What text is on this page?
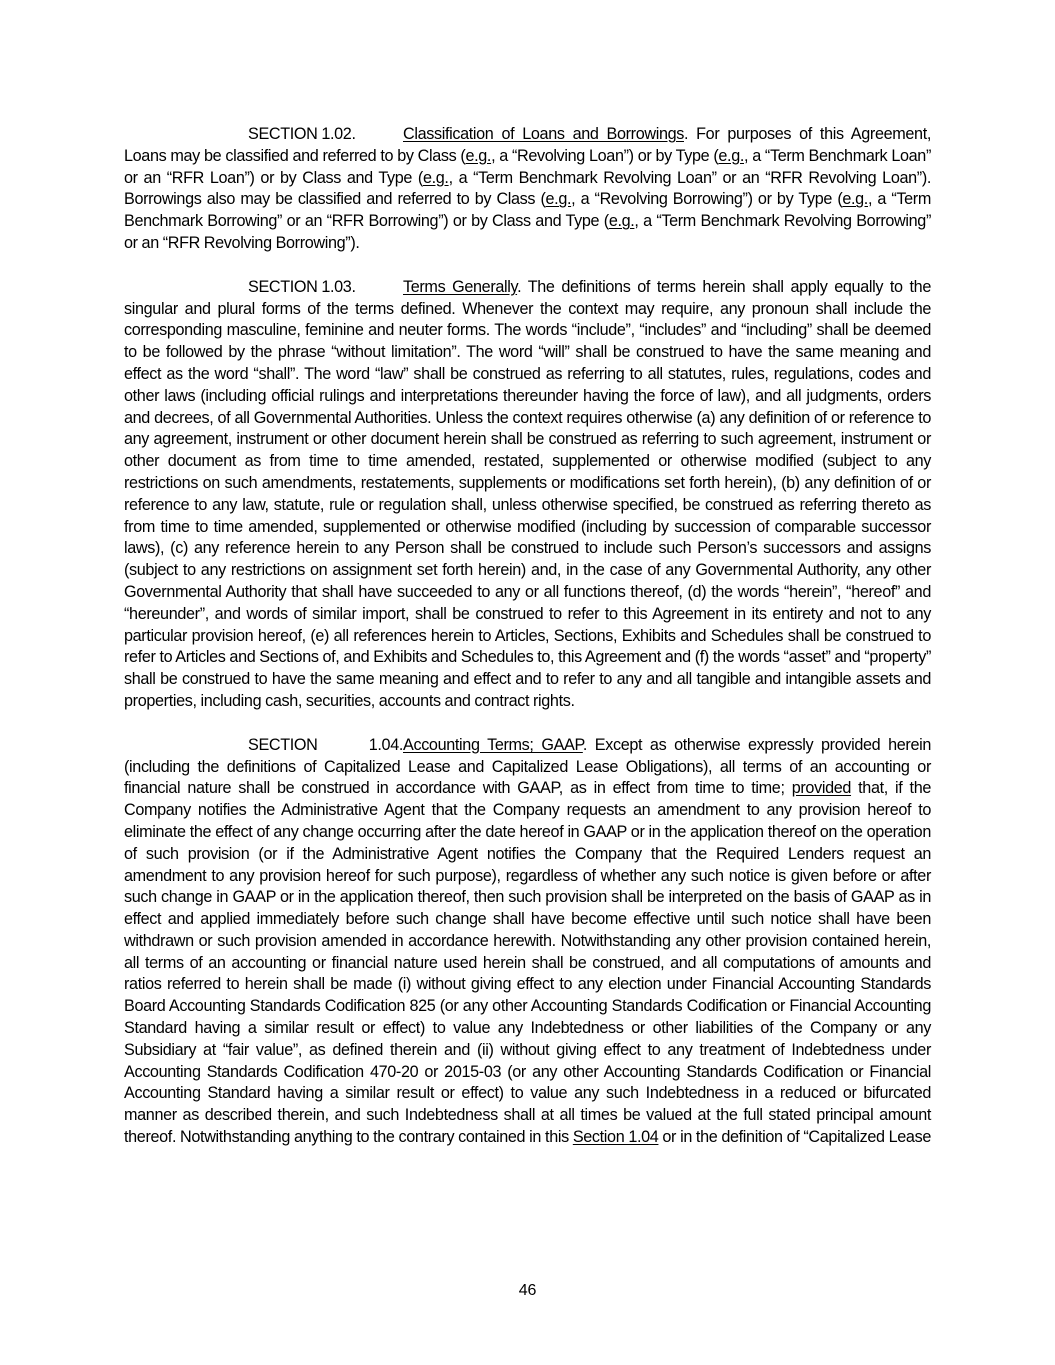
SECTION 1.02.	Classification of Loans and Borrowings. For purposes of this Agreement, Loans may be classified and referred to by Class (e.g., a “Revolving Loan”) or by Type (e.g., a “Term Benchmark Loan” or an “RFR Loan”) or by Class and Type (e.g., a “Term Benchmark Revolving Loan” or an “RFR Revolving Loan”). Borrowings also may be classified and referred to by Class (e.g., a “Revolving Borrowing”) or by Type (e.g., a “Term Benchmark Borrowing” or an “RFR Borrowing”) or by Class and Type (e.g., a “Term Benchmark Revolving Borrowing” or an “RFR Revolving Borrowing”).

SECTION 1.03.	Terms Generally. The definitions of terms herein shall apply equally to the singular and plural forms of the terms defined. Whenever the context may require, any pronoun shall include the corresponding masculine, feminine and neuter forms. The words “include”, “includes” and “including” shall be deemed to be followed by the phrase “without limitation”. The word “will” shall be construed to have the same meaning and effect as the word “shall”. The word “law” shall be construed as referring to all statutes, rules, regulations, codes and other laws (including official rulings and interpretations thereunder having the force of law), and all judgments, orders and decrees, of all Governmental Authorities. Unless the context requires otherwise (a) any definition of or reference to any agreement, instrument or other document herein shall be construed as referring to such agreement, instrument or other document as from time to time amended, restated, supplemented or otherwise modified (subject to any restrictions on such amendments, restatements, supplements or modifications set forth herein), (b) any definition of or reference to any law, statute, rule or regulation shall, unless otherwise specified, be construed as referring thereto as from time to time amended, supplemented or otherwise modified (including by succession of comparable successor laws), (c) any reference herein to any Person shall be construed to include such Person’s successors and assigns (subject to any restrictions on assignment set forth herein) and, in the case of any Governmental Authority, any other Governmental Authority that shall have succeeded to any or all functions thereof, (d) the words “herein”, “hereof” and “hereunder”, and words of similar import, shall be construed to refer to this Agreement in its entirety and not to any particular provision hereof, (e) all references herein to Articles, Sections, Exhibits and Schedules shall be construed to refer to Articles and Sections of, and Exhibits and Schedules to, this Agreement and (f) the words “asset” and “property” shall be construed to have the same meaning and effect and to refer to any and all tangible and intangible assets and properties, including cash, securities, accounts and contract rights.

SECTION 1.04.Accounting Terms; GAAP. Except as otherwise expressly provided herein (including the definitions of Capitalized Lease and Capitalized Lease Obligations), all terms of an accounting or financial nature shall be construed in accordance with GAAP, as in effect from time to time; provided that, if the Company notifies the Administrative Agent that the Company requests an amendment to any provision hereof to eliminate the effect of any change occurring after the date hereof in GAAP or in the application thereof on the operation of such provision (or if the Administrative Agent notifies the Company that the Required Lenders request an amendment to any provision hereof for such purpose), regardless of whether any such notice is given before or after such change in GAAP or in the application thereof, then such provision shall be interpreted on the basis of GAAP as in effect and applied immediately before such change shall have become effective until such notice shall have been withdrawn or such provision amended in accordance herewith. Notwithstanding any other provision contained herein, all terms of an accounting or financial nature used herein shall be construed, and all computations of amounts and ratios referred to herein shall be made (i) without giving effect to any election under Financial Accounting Standards Board Accounting Standards Codification 825 (or any other Accounting Standards Codification or Financial Accounting Standard having a similar result or effect) to value any Indebtedness or other liabilities of the Company or any Subsidiary at “fair value”, as defined therein and (ii) without giving effect to any treatment of Indebtedness under Accounting Standards Codification 470-20 or 2015-03 (or any other Accounting Standards Codification or Financial Accounting Standard having a similar result or effect) to value any such Indebtedness in a reduced or bifurcated manner as described therein, and such Indebtedness shall at all times be valued at the full stated principal amount thereof. Notwithstanding anything to the contrary contained in this Section 1.04 or in the definition of “Capitalized Lease

46
